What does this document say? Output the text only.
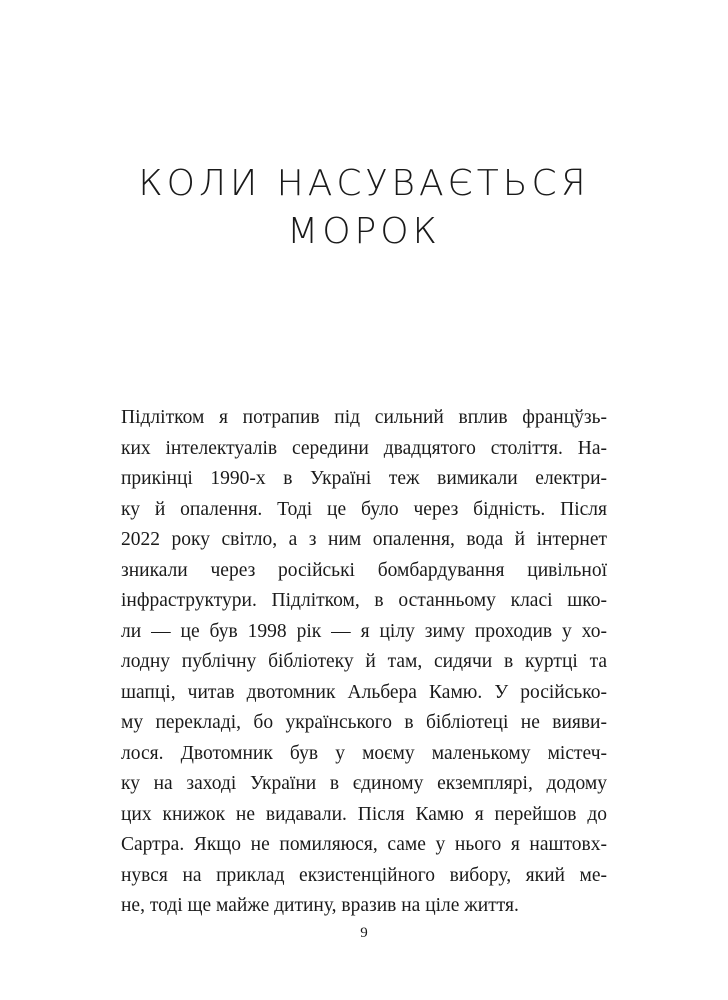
КОЛИ НАСУВАЄТЬСЯ
МОРОК
Підлітком я потрапив під сильний вплив францўзь-
ких інтелектуалів середини двадцятого століття. На-
прикінці 1990-х в Україні теж вимикали електри-
ку й опалення. Тоді це було через бідність. Після
2022 року світло, а з ним опалення, вода й інтернет
зникали через російські бомбардування цивільної
інфраструктури. Підлітком, в останньому класі шко-
ли — це був 1998 рік — я цілу зиму проходив у хо-
лодну публічну бібліотеку й там, сидячи в куртці та
шапці, читав двотомник Альбера Камю. У російсько-
му перекладі, бо українського в бібліотеці не вияви-
лося. Двотомник був у моєму маленькому містеч-
ку на заході України в єдиному екземплярі, додому
цих книжок не видавали. Після Камю я перейшов до
Сартра. Якщо не помиляюся, саме у нього я наштовх-
нувся на приклад екзистенційного вибору, який ме-
не, тоді ще майже дитину, вразив на ціле життя.
9
